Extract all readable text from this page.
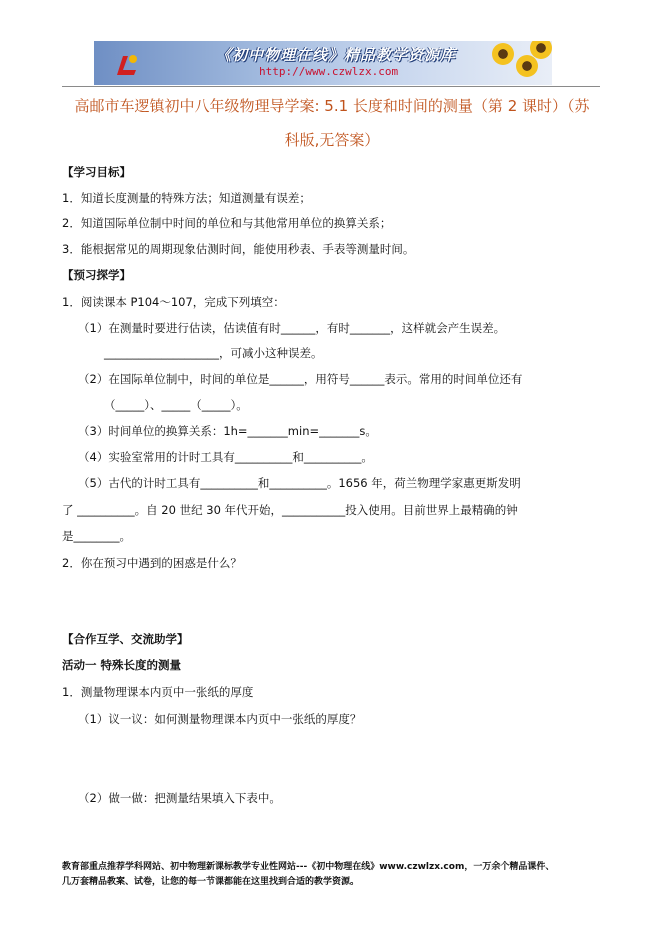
《初中物理在线》精品教学资源库
http://www.czwlzx.com
高邮市车逻镇初中八年级物理导学案: 5.1 长度和时间的测量（第 2 课时）（苏
科版,无答案）
【学习目标】
1．知道长度测量的特殊方法；知道测量有误差；
2．知道国际单位制中时间的单位和与其他常用单位的换算关系；
3．能根据常见的周期现象估测时间，能使用秒表、手表等测量时间。
【预习探学】
1．阅读课本 P104～107，完成下列填空：
（1）在测量时要进行估读，估读值有时______，有时_______，这样就会产生误差。
____________________，可减小这种误差。
（2）在国际单位制中，时间的单位是______，用符号______表示。常用的时间单位还有
（_____）、_____（_____）。
（3）时间单位的换算关系：1h=_______min=_______s。
（4）实验室常用的计时工具有__________和__________。
（5）古代的计时工具有__________和__________。1656 年，荷兰物理学家惠更斯发明
了 __________。自 20 世纪 30 年代开始，___________投入使用。目前世界上最精确的钟
是________。
2．你在预习中遇到的困惑是什么？
【合作互学、交流助学】
活动一 特殊长度的测量
1．测量物理课本内页中一张纸的厚度
（1）议一议：如何测量物理课本内页中一张纸的厚度？
（2）做一做：把测量结果填入下表中。
教育部重点推荐学科网站、初中物理新课标教学专业性网站---《初中物理在线》www.czwlzx.com，一万余个精品课件、
几万套精品教案、试卷，让您的每一节课都能在这里找到合适的教学资源。
